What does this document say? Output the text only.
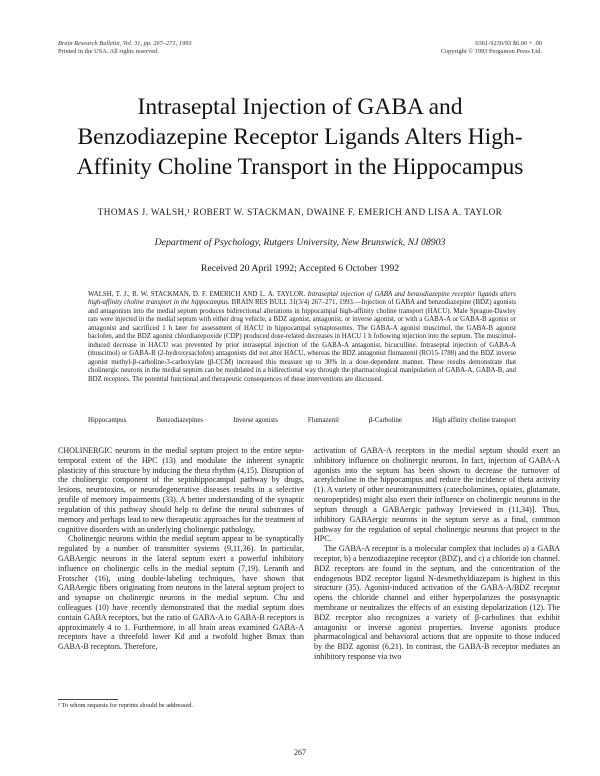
Brain Research Bulletin, Vol. 31, pp. 267–271, 1993
Printed in the USA. All rights reserved.
0361-9230/93 $6.00 + .00
Copyright © 1993 Pergamon Press Ltd.
Intraseptal Injection of GABA and
Benzodiazepine Receptor Ligands Alters High-
Affinity Choline Transport in the Hippocampus
THOMAS J. WALSH,¹ ROBERT W. STACKMAN, DWAINE F. EMERICH AND LISA A. TAYLOR
Department of Psychology, Rutgers University, New Brunswick, NJ 08903
Received 20 April 1992; Accepted 6 October 1992
WALSH, T. J., R. W. STACKMAN, D. F. EMERICH AND L. A. TAYLOR. Intraseptal injection of GABA and benzodiazepine receptor ligands alters high-affinity choline transport in the hippocampus. BRAIN RES BULL 31(3/4) 267–271, 1993.—Injection of GABA and benzodiazepine (BDZ) agonists and antagonists into the medial septum produces bidirectional alterations in hippocampal high-affinity choline transport (HACU). Male Sprague-Dawley rats were injected in the medial septum with either drug vehicle, a BDZ agonist, antagonist, or inverse agonist, or with a GABA-A or GABA-B agonist or antagonist and sacrificed 1 h later for assessment of HACU in hippocampal synaptosomes. The GABA-A agonist muscimol, the GABA-B agonist baclofen, and the BDZ agonist chlordiazepoxide (CDP) produced dose-related decreases in HACU 1 h following injection into the septum. The muscimol-induced decrease in HACU was prevented by prior intraseptal injection of the GABA-A antagonist, bicuculline. Intraseptal injection of GABA-A (muscimol) or GABA-B (2-hydroxysaclofen) antagonists did not alter HACU, whereas the BDZ antagonist flumazenil (RO15-1788) and the BDZ inverse agonist methyl-β-carboline-3-carboxylate (β-CCM) increased this measure up to 30% in a dose-dependent manner. These results demonstrate that cholinergic neurons in the medial septum can be modulated in a bidirectional way through the pharmacological manipulation of GABA-A, GABA-B, and BDZ receptors. The potential functional and therapeutic consequences of these interventions are discussed.
Hippocampus	Benzodiazepines	Inverse agonists	Flumazenil	β-Carboline	High affinity choline transport

CHOLINERGIC neurons in the medial septum project to the entire septo-temporal extent of the HPC (13) and modulate the inherent synaptic plasticity of this structure by inducing the theta rhythm (4,15). Disruption of the cholinergic component of the septohippocampal pathway by drugs, lesions, neurotoxins, or neurodegenerative diseases results in a selective profile of memory impairments (33). A better understanding of the synaptic regulation of this pathway should help to define the neural substrates of memory and perhaps lead to new therapeutic approaches for the treatment of cognitive disorders with an underlying cholinergic pathology.

Cholinergic neurons within the medial septum appear to be synaptically regulated by a number of transmitter systems (9,11,36). In particular, GABAergic neurons in the lateral septum exert a powerful inhibitory influence on cholinergic cells in the medial septum (7,19). Leranth and Frotscher (16), using double-labeling techniques, have shown that GABAergic fibers originating from neurons in the lateral septum project to and synapse on cholinergic neurons in the medial septum. Chu and colleagues (10) have recently demonstrated that the medial septum does contain GABA receptors, but the ratio of GABA-A to GABA-B receptors is approximately 4 to 1. Furthermore, in all brain areas examined GABA-A receptors have a threefold lower Kd and a twofold higher Bmax than GABA-B receptors. Therefore,

activation of GABA-A receptors in the medial septum should exert an inhibitory influence on cholinergic neurons. In fact, injection of GABA-A agonists into the septum has been shown to decrease the turnover of acetylcholine in the hippocampus and reduce the incidence of theta activity (1). A variety of other neurotransmitters (catecholamines, opiates, glutamate, neuropeptides) might also exert their influence on cholinergic neurons in the septum through a GABAergic pathway [reviewed in (11,34)]. Thus, inhibitory GABAergic neurons in the septum serve as a final, common pathway for the regulation of septal cholinergic neurons that project to the HPC.

The GABA-A receptor is a molecular complex that includes a) a GABA receptor, b) a benzodiazepine receptor (BDZ), and c) a chloride ion channel. BDZ receptors are found in the septum, and the concentration of the endogenous BDZ receptor ligand N-desmethyldiazepam is highest in this structure (35). Agonist-induced activation of the GABA-A/BDZ receptor opens the chloride channel and either hyperpolarizes the postsynaptic membrane or neutralizes the effects of an existing depolarization (12). The BDZ receptor also recognizes a variety of β-carbolines that exhibit antagonist or inverse agonist properties. Inverse agonists produce pharmacological and behavioral actions that are opposite to those induced by the BDZ agonist (6,21). In contrast, the GABA-B receptor mediates an inhibitory response via two

¹ To whom requests for reprints should be addressed.
267
